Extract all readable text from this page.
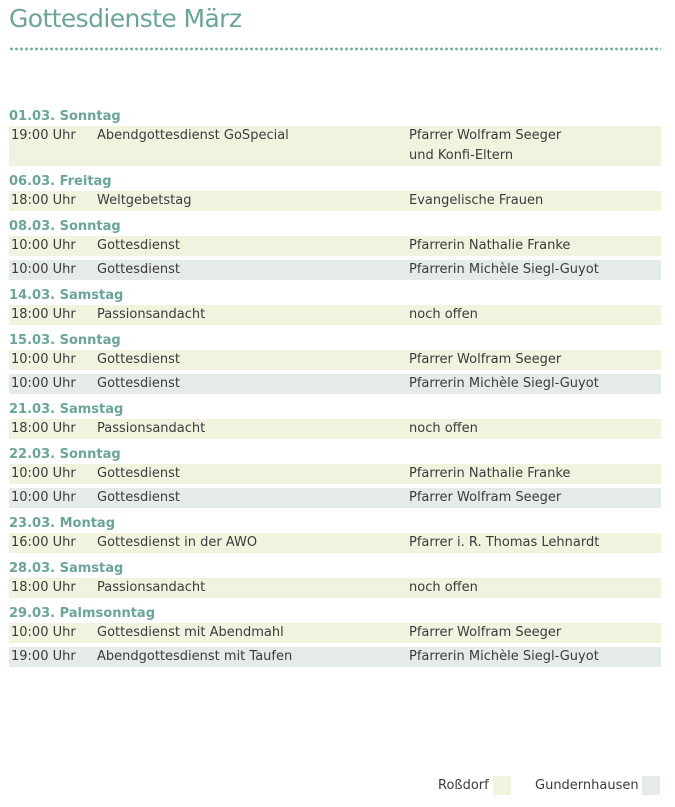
Gottesdienste März
01.03. Sonntag
19:00 Uhr Abendgottesdienst GoSpecial	Pfarrer Wolfram Seeger
und Konfi-Eltern
06.03. Freitag
18:00 Uhr Weltgebetstag	Evangelische Frauen
08.03. Sonntag
10:00 Uhr Gottesdienst	Pfarrerin Nathalie Franke
10:00 Uhr Gottesdienst	Pfarrerin Michèle Siegl-Guyot
14.03. Samstag
18:00 Uhr Passionsandacht	noch offen
15.03. Sonntag
10:00 Uhr Gottesdienst	Pfarrer Wolfram Seeger
10:00 Uhr Gottesdienst	Pfarrerin Michèle Siegl-Guyot
21.03. Samstag
18:00 Uhr Passionsandacht	noch offen
22.03. Sonntag
10:00 Uhr Gottesdienst	Pfarrerin Nathalie Franke
10:00 Uhr Gottesdienst	Pfarrer Wolfram Seeger
23.03. Montag
16:00 Uhr Gottesdienst in der AWO	Pfarrer i. R. Thomas Lehnardt
28.03. Samstag
18:00 Uhr Passionsandacht	noch offen
29.03. Palmsonntag
10:00 Uhr Gottesdienst mit Abendmahl	Pfarrer Wolfram Seeger
19:00 Uhr Abendgottesdienst mit Taufen	Pfarrerin Michèle Siegl-Guyot
Roßdorf	Gundernhausen
